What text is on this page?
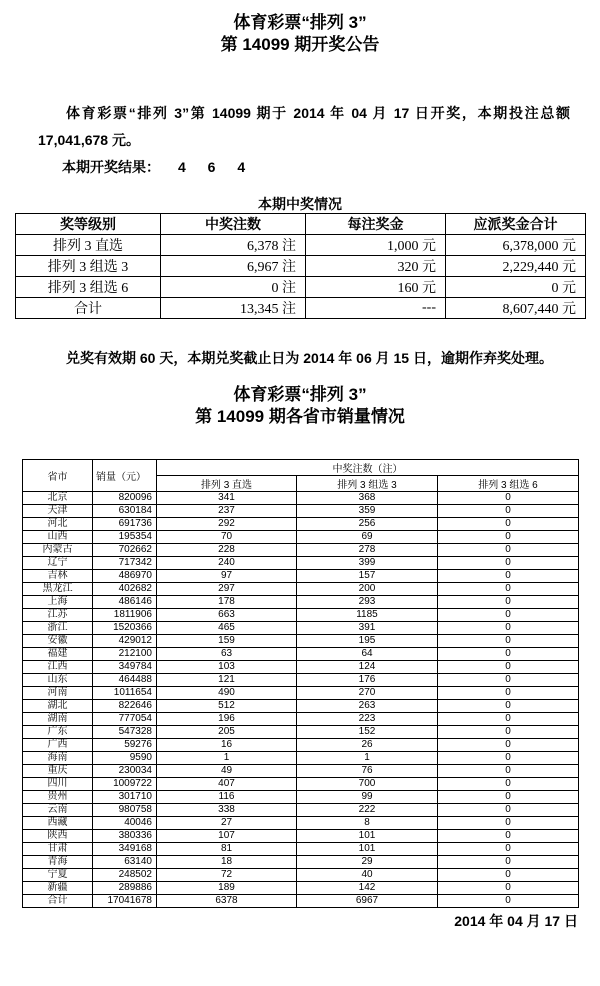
体育彩票“排列 3”
第 14099 期开奖公告

体育彩票“排列 3”第 14099 期于 2014 年 04 月 17 日开奖，本期投注总额 17,041,678 元。

本期开奖结果： 4 6 4

本期中奖情况
奖等级别	中奖注数	每注奖金	应派奖金合计
排列 3 直选	6,378 注	1,000 元	6,378,000 元
排列 3 组选 3	6,967 注	320 元	2,229,440 元
排列 3 组选 6	0 注	160 元	0 元
合计	13,345 注	---	8,607,440 元

兑奖有效期 60 天，本期兑奖截止日为 2014 年 06 月 15 日，逾期作弃奖处理。

体育彩票“排列 3”
第 14099 期各省市销量情况
省市	销量（元）	中奖注数（注）		
		排列 3 直选	排列 3 组选 3	排列 3 组选 6
北京	820096	341	368	0
天津	630184	237	359	0
河北	691736	292	256	0
山西	195354	70	69	0
内蒙古	702662	228	278	0
辽宁	717342	240	399	0
吉林	486970	97	157	0
黑龙江	402682	297	200	0
上海	486146	178	293	0
江苏	1811906	663	1185	0
浙江	1520366	465	391	0
安徽	429012	159	195	0
福建	212100	63	64	0
江西	349784	103	124	0
山东	464488	121	176	0
河南	1011654	490	270	0
湖北	822646	512	263	0
湖南	777054	196	223	0
广东	547328	205	152	0
广西	59276	16	26	0
海南	9590	1	1	0
重庆	230034	49	76	0
四川	1009722	407	700	0
贵州	301710	116	99	0
云南	980758	338	222	0
西藏	40046	27	8	0
陕西	380336	107	101	0
甘肃	349168	81	101	0
青海	63140	18	29	0
宁夏	248502	72	40	0
新疆	289886	189	142	0
合计	17041678	6378	6967	0
2014 年 04 月 17 日
